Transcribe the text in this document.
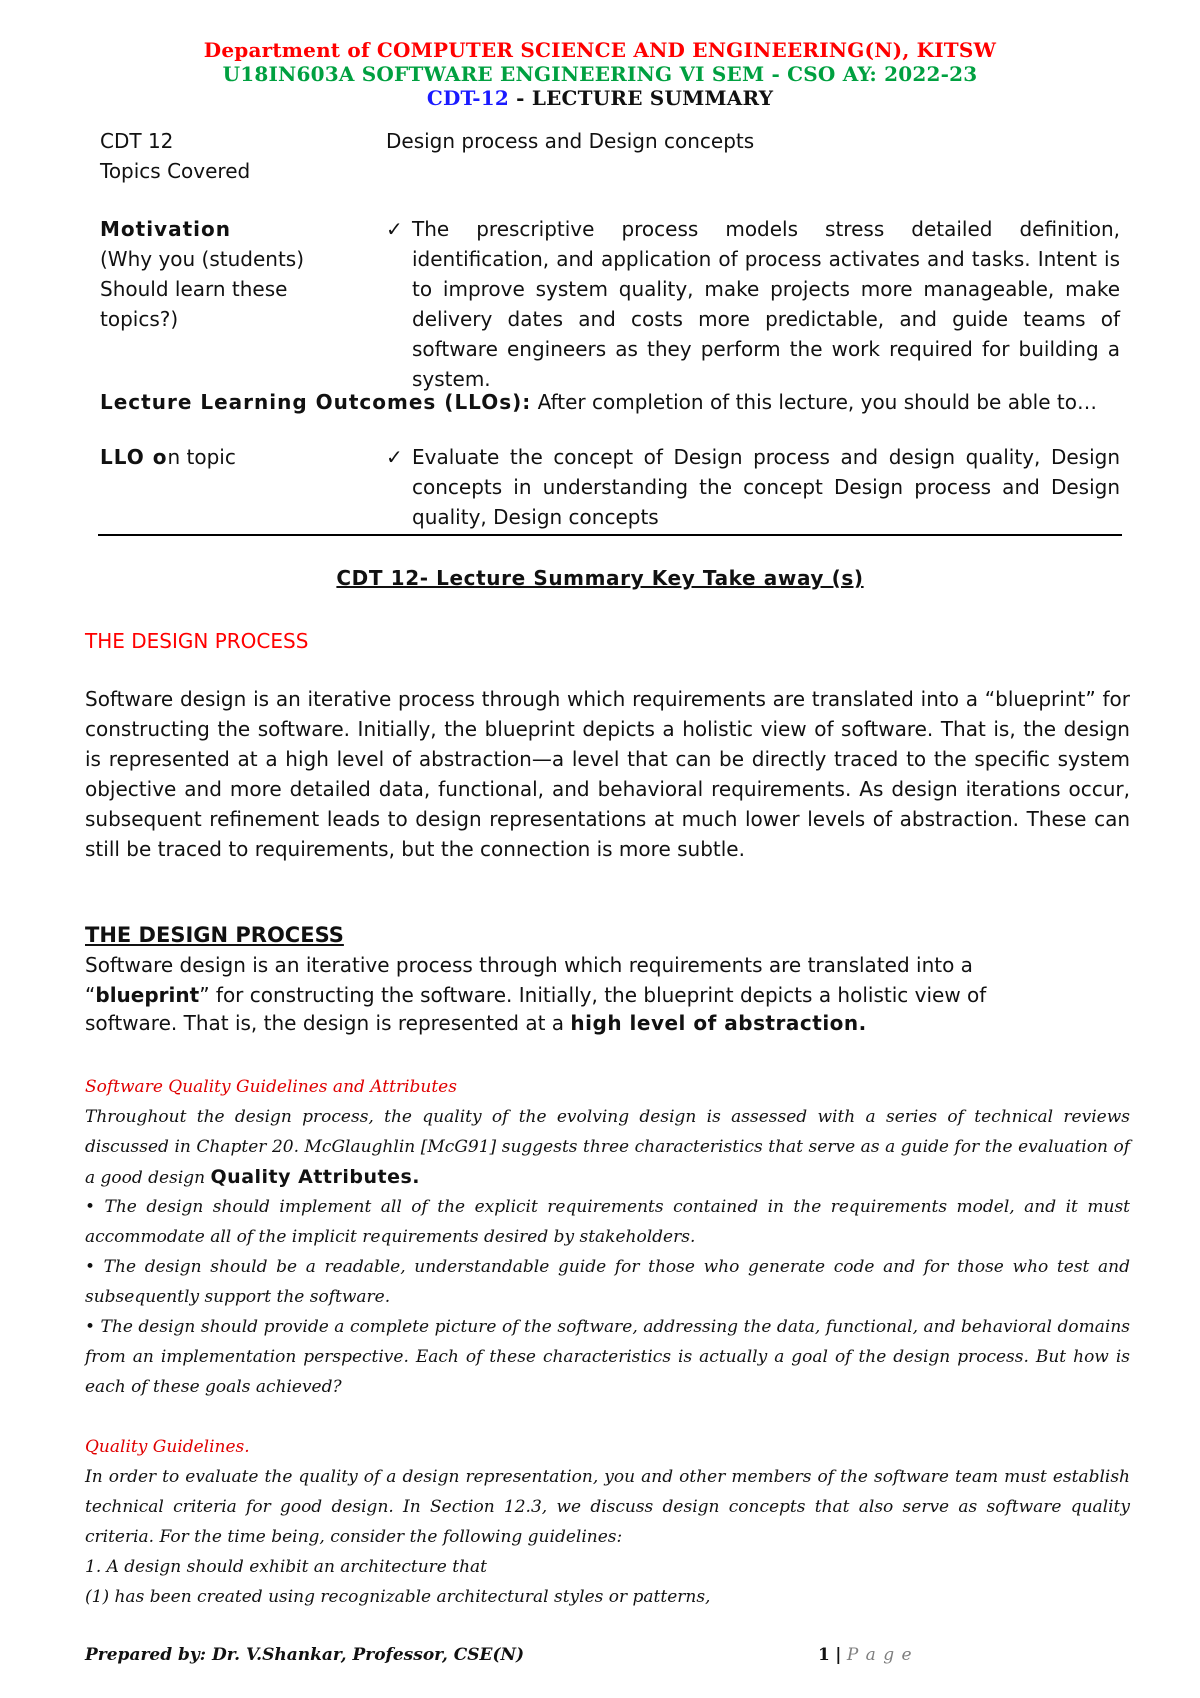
Department of COMPUTER SCIENCE AND ENGINEERING(N), KITSW
U18IN603A SOFTWARE ENGINEERING VI SEM - CSO AY: 2022-23
CDT-12 - LECTURE SUMMARY
CDT 12
Topics Covered
Design process and Design concepts
Motivation
(Why you (students)
Should learn these
topics?)
✓ The prescriptive process models stress detailed definition, identification, and application of process activates and tasks. Intent is to improve system quality, make projects more manageable, make delivery dates and costs more predictable, and guide teams of software engineers as they perform the work required for building a system.
Lecture Learning Outcomes (LLOs): After completion of this lecture, you should be able to…
LLO on topic	✓ Evaluate the concept of Design process and design quality, Design concepts in understanding the concept Design process and Design quality, Design concepts
CDT 12- Lecture Summary Key Take away (s)
THE DESIGN PROCESS
Software design is an iterative process through which requirements are translated into a “blueprint” for constructing the software. Initially, the blueprint depicts a holistic view of software. That is, the design is represented at a high level of abstraction—a level that can be directly traced to the specific system objective and more detailed data, functional, and behavioral requirements. As design iterations occur, subsequent refinement leads to design representations at much lower levels of abstraction. These can still be traced to requirements, but the connection is more subtle.
THE DESIGN PROCESS
Software design is an iterative process through which requirements are translated into a
“blueprint” for constructing the software. Initially, the blueprint depicts a holistic view of
software. That is, the design is represented at a high level of abstraction.
Software Quality Guidelines and Attributes
Throughout the design process, the quality of the evolving design is assessed with a series of technical reviews discussed in Chapter 20. McGlaughlin [McG91] suggests three characteristics that serve as a guide for the evaluation of a good design Quality Attributes.
• The design should implement all of the explicit requirements contained in the requirements model, and it must accommodate all of the implicit requirements desired by stakeholders.
• The design should be a readable, understandable guide for those who generate code and for those who test and subsequently support the software.
• The design should provide a complete picture of the software, addressing the data, functional, and behavioral domains from an implementation perspective. Each of these characteristics is actually a goal of the design process. But how is each of these goals achieved?
Quality Guidelines.
In order to evaluate the quality of a design representation, you and other members of the software team must establish technical criteria for good design. In Section 12.3, we discuss design concepts that also serve as software quality criteria. For the time being, consider the following guidelines:
1. A design should exhibit an architecture that
(1) has been created using recognizable architectural styles or patterns,
Prepared by: Dr. V.Shankar, Professor, CSE(N)	1 | P a g e
